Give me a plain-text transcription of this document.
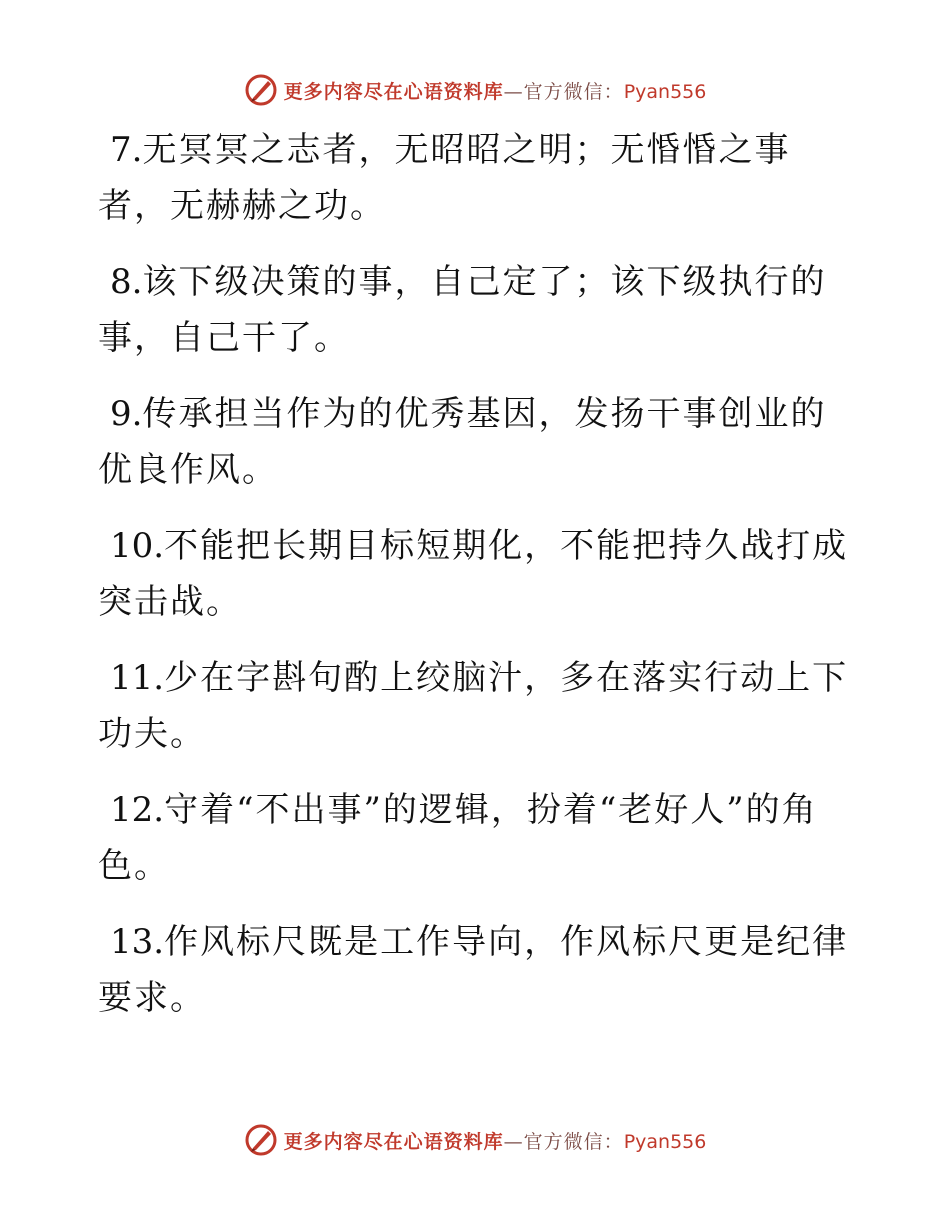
更多内容尽在心语资料库—官方微信：Pyan556

7.无冥冥之志者，无昭昭之明；无惛惛之事者，无赫赫之功。

8.该下级决策的事，自己定了；该下级执行的事，自己干了。

9.传承担当作为的优秀基因，发扬干事创业的优良作风。

10.不能把长期目标短期化，不能把持久战打成突击战。

11.少在字斟句酌上绞脑汁，多在落实行动上下功夫。

12.守着“不出事”的逻辑，扮着“老好人”的角色。

13.作风标尺既是工作导向，作风标尺更是纪律要求。

更多内容尽在心语资料库—官方微信：Pyan556
